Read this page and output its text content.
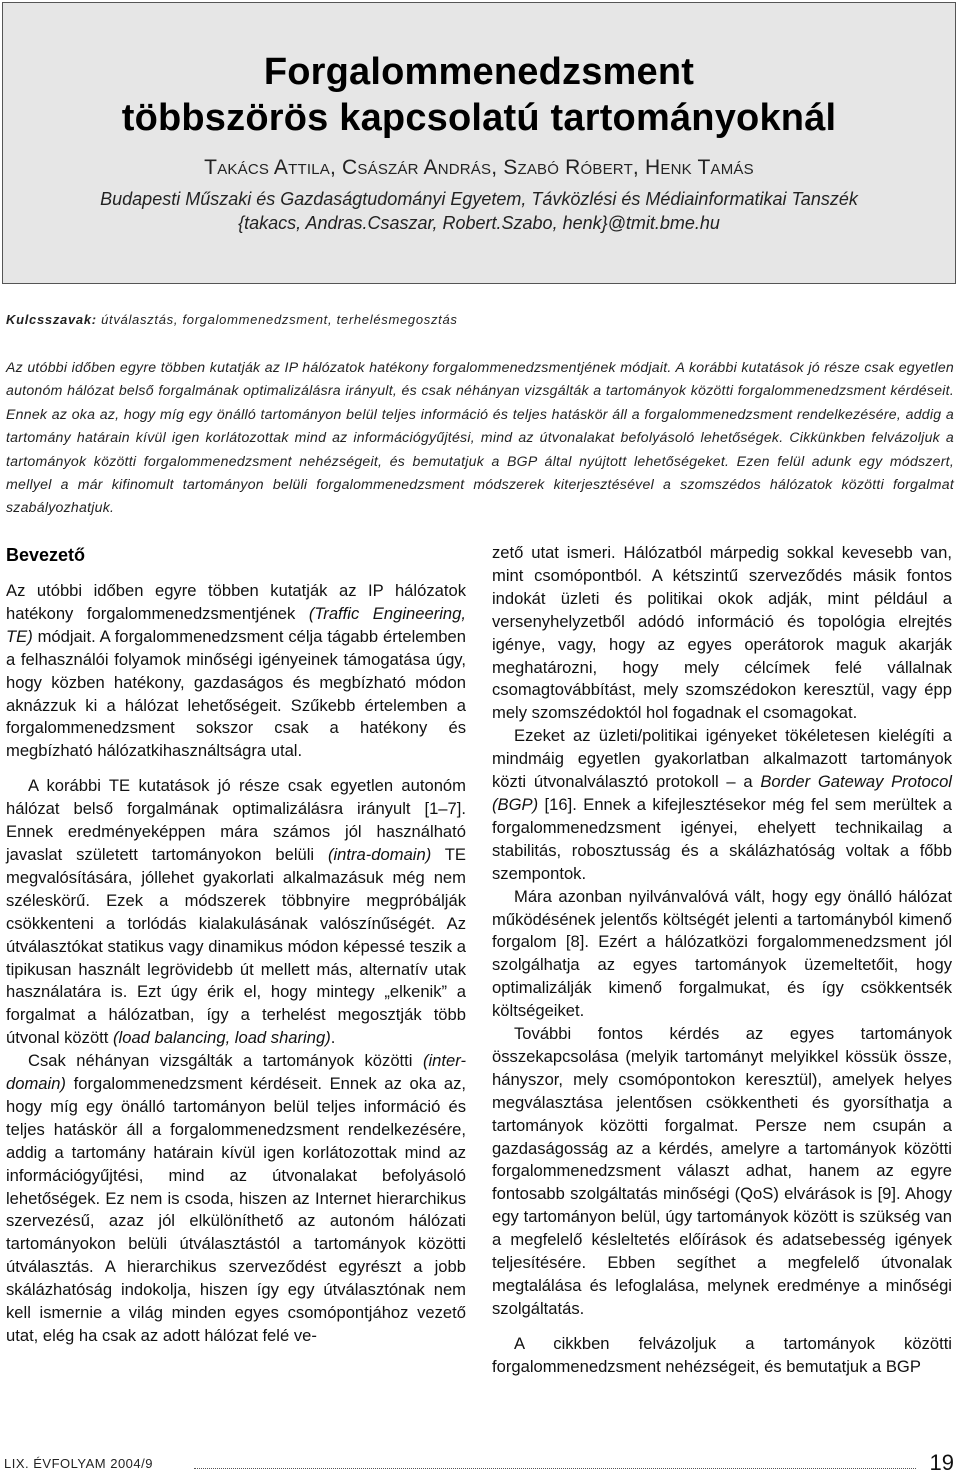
Forgalommenedzsment
többszörös kapcsolatú tartományoknál
Takács Attila, Császár András, Szabó Róbert, Henk Tamás
Budapesti Műszaki és Gazdaságtudományi Egyetem, Távközlési és Médiainformatikai Tanszék
{takacs, Andras.Csaszar, Robert.Szabo, henk}@tmit.bme.hu
Kulcsszavak: útválasztás, forgalommenedzsment, terhelésmegosztás
Az utóbbi időben egyre többen kutatják az IP hálózatok hatékony forgalommenedzsmentjének módjait. A korábbi kutatások jó része csak egyetlen autonóm hálózat belső forgalmának optimalizálásra irányult, és csak néhányan vizsgálták a tartományok közötti forgalommenedzsment kérdéseit. Ennek az oka az, hogy míg egy önálló tartományon belül teljes információ és teljes hatáskör áll a forgalommenedzsment rendelkezésére, addig a tartomány határain kívül igen korlátozottak mind az információgyűjtési, mind az útvonalakat befolyásoló lehetőségek. Cikkünkben felvázoljuk a tartományok közötti forgalommenedzsment nehézségeit, és bemutatjuk a BGP által nyújtott lehetőségeket. Ezen felül adunk egy módszert, mellyel a már kifinomult tartományon belüli forgalommenedzsment módszerek kiterjesztésével a szomszédos hálózatok közötti forgalmat szabályozhatjuk.
Bevezető

Az utóbbi időben egyre többen kutatják az IP hálózatok hatékony forgalommenedzsmentjének (Traffic Engineering, TE) módjait. A forgalommenedzsment célja tágabb értelemben a felhasználói folyamok minőségi igényeinek támogatása úgy, hogy közben hatékony, gazdaságos és megbízható módon aknázzuk ki a hálózat lehetőségeit. Szűkebb értelemben a forgalommenedzsment sokszor csak a hatékony és megbízható hálózatkihasználtságra utal.

A korábbi TE kutatások jó része csak egyetlen autonóm hálózat belső forgalmának optimalizálásra irányult [1–7]. Ennek eredményeképpen mára számos jól használható javaslat született tartományokon belüli (intra-domain) TE megvalósítására, jóllehet gyakorlati alkalmazásuk még nem széleskörű. Ezek a módszerek többnyire megpróbálják csökkenteni a torlódás kialakulásának valószínűségét. Az útválasztókat statikus vagy dinamikus módon képessé teszik a tipikusan használt legrövidebb út mellett más, alternatív utak használatára is. Ezt úgy érik el, hogy mintegy „elkenik” a forgalmat a hálózatban, így a terhelést megosztják több útvonal között (load balancing, load sharing).

Csak néhányan vizsgálták a tartományok közötti (inter-domain) forgalommenedzsment kérdéseit. Ennek az oka az, hogy míg egy önálló tartományon belül teljes információ és teljes hatáskör áll a forgalommenedzsment rendelkezésére, addig a tartomány határain kívül igen korlátozottak mind az információgyűjtési, mind az útvonalakat befolyásoló lehetőségek. Ez nem is csoda, hiszen az Internet hierarchikus szervezésű, azaz jól elkülöníthető az autonóm hálózati tartományokon belüli útválasztástól a tartományok közötti útválasztás. A hierarchikus szerveződést egyrészt a jobb skálázhatóság indokolja, hiszen így egy útválasztónak nem kell ismernie a világ minden egyes csomópontjához vezető utat, elég ha csak az adott hálózat felé ve-

zető utat ismeri. Hálózatból márpedig sokkal kevesebb van, mint csomópontból. A kétszintű szerveződés másik fontos indokát üzleti és politikai okok adják, mint például a versenyhelyzetből adódó információ és topológia elrejtés igénye, vagy, hogy az egyes operátorok maguk akarják meghatározni, hogy mely célcímek felé vállalnak csomagtovábbítást, mely szomszédokon keresztül, vagy épp mely szomszédoktól hol fogadnak el csomagokat.

Ezeket az üzleti/politikai igényeket tökéletesen kielégíti a mindmáig egyetlen gyakorlatban alkalmazott tartományok közti útvonalválasztó protokoll – a Border Gateway Protocol (BGP) [16]. Ennek a kifejlesztésekor még fel sem merültek a forgalommenedzsment igényei, ehelyett technikailag a stabilitás, robosztusság és a skálázhatóság voltak a főbb szempontok.

Mára azonban nyilvánvalóvá vált, hogy egy önálló hálózat működésének jelentős költségét jelenti a tartományból kimenő forgalom [8]. Ezért a hálózatközi forgalommenedzsment jól szolgálhatja az egyes tartományok üzemeltetőit, hogy optimalizálják kimenő forgalmukat, és így csökkentsék költségeiket.

További fontos kérdés az egyes tartományok összekapcsolása (melyik tartományt melyikkel kössük össze, hányszor, mely csomópontokon keresztül), amelyek helyes megválasztása jelentősen csökkentheti és gyorsíthatja a tartományok közötti forgalmat. Persze nem csupán a gazdaságosság az a kérdés, amelyre a tartományok közötti forgalommenedzsment választ adhat, hanem az egyre fontosabb szolgáltatás minőségi (QoS) elvárások is [9]. Ahogy egy tartományon belül, úgy tartományok között is szükség van a megfelelő késleltetés előírások és adatsebesség igények teljesítésére. Ebben segíthet a megfelelő útvonalak megtalálása és lefoglalása, melynek eredménye a minőségi szolgáltatás.

A cikkben felvázoljuk a tartományok közötti forgalommenedzsment nehézségeit, és bemutatjuk a BGP

LIX. ÉVFOLYAM 2004/9	19
